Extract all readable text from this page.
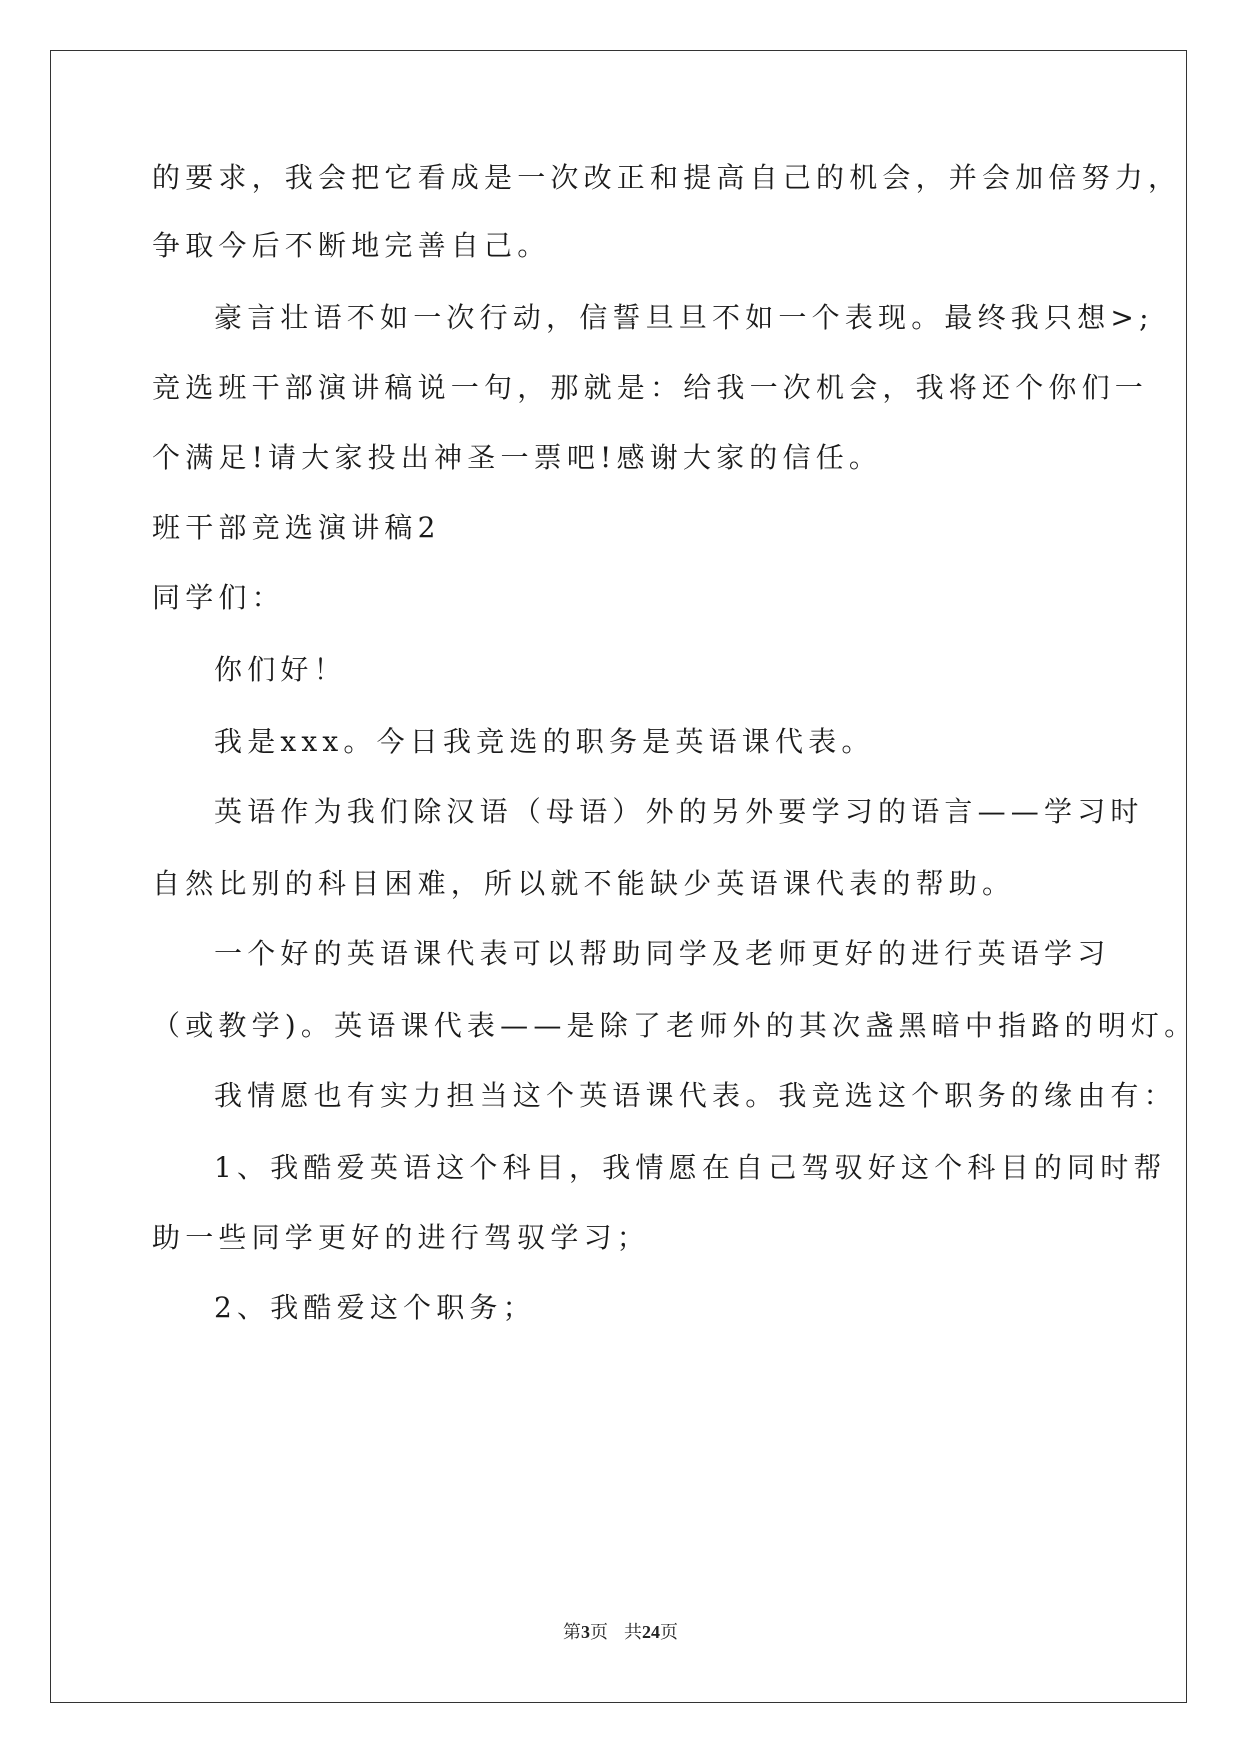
的要求，我会把它看成是一次改正和提高自己的机会，并会加倍努力，
争取今后不断地完善自己。
豪言壮语不如一次行动，信誓旦旦不如一个表现。最终我只想>;
竞选班干部演讲稿说一句，那就是：给我一次机会，我将还个你们一
个满足!请大家投出神圣一票吧!感谢大家的信任。
班干部竞选演讲稿2
同学们：
你们好！
我是xxx。今日我竞选的职务是英语课代表。
英语作为我们除汉语（母语）外的另外要学习的语言——学习时
自然比别的科目困难，所以就不能缺少英语课代表的帮助。
一个好的英语课代表可以帮助同学及老师更好的进行英语学习
（或教学)。英语课代表——是除了老师外的其次盏黑暗中指路的明灯。
我情愿也有实力担当这个英语课代表。我竞选这个职务的缘由有：
1、我酷爱英语这个科目，我情愿在自己驾驭好这个科目的同时帮
助一些同学更好的进行驾驭学习；
2、我酷爱这个职务；
第3页 共24页
